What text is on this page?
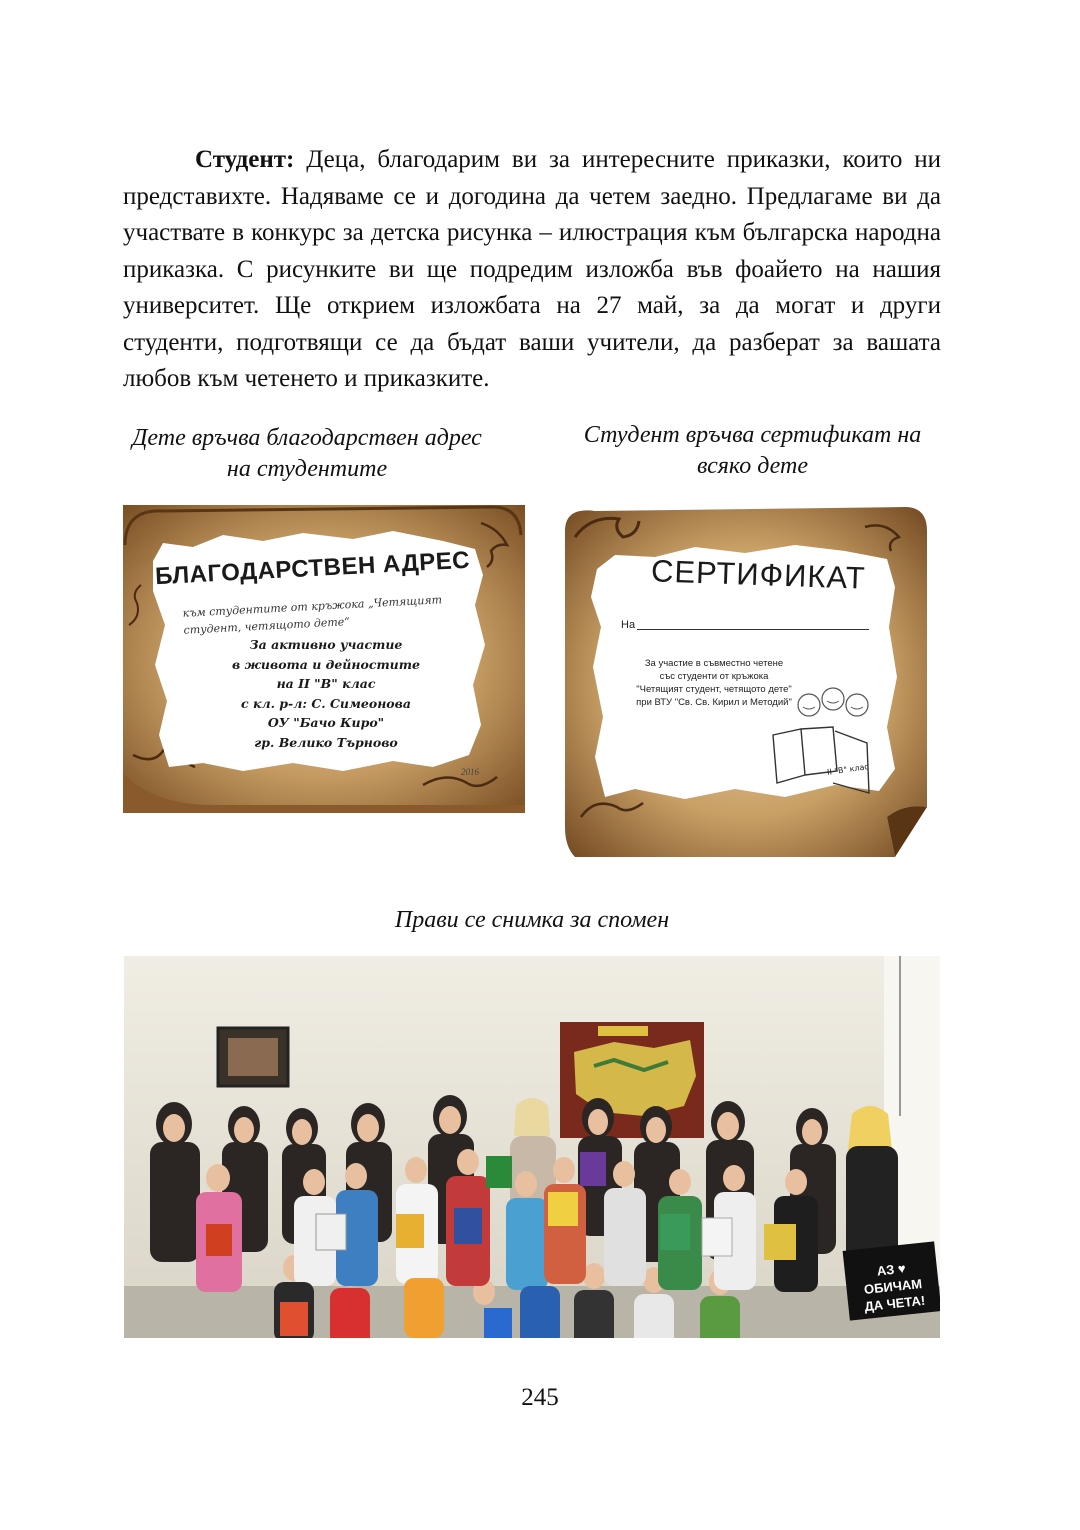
Студент: Деца, благодарим ви за интересните приказки, които ни представихте. Надяваме се и догодина да четем заедно. Предлагаме ви да участвате в конкурс за детска рисунка – илюстрация към българска народна приказка. С рисунките ви ще подредим изложба във фоайето на нашия университет. Ще открием изложбата на 27 май, за да могат и други студенти, подготвящи се да бъдат ваши учители, да разберат за вашата любов към четенето и приказките.
Дете връчва благодарствен адрес на студентите
Студент връчва сертификат на всяко дете
БЛАГОДАРСТВЕН АДРЕС
към студентите от кръжока „Четящият студент, четящото дете“
За активно участие
в живота и дейностите
на II "В" клас
с кл. р-л: С. Симеонова
ОУ "Бачо Киро"
гр. Велико Търново
2016
СЕРТИФИКАТ
На
За участие в съвместно четене
със студенти от кръжока
"Четящият студент, четящото дете"
при ВТУ "Св. Св. Кирил и Методий"
II "В" клас
Прави се снимка за спомен
АЗ ♥ ОБИЧАМ ДА ЧЕТА!
245
